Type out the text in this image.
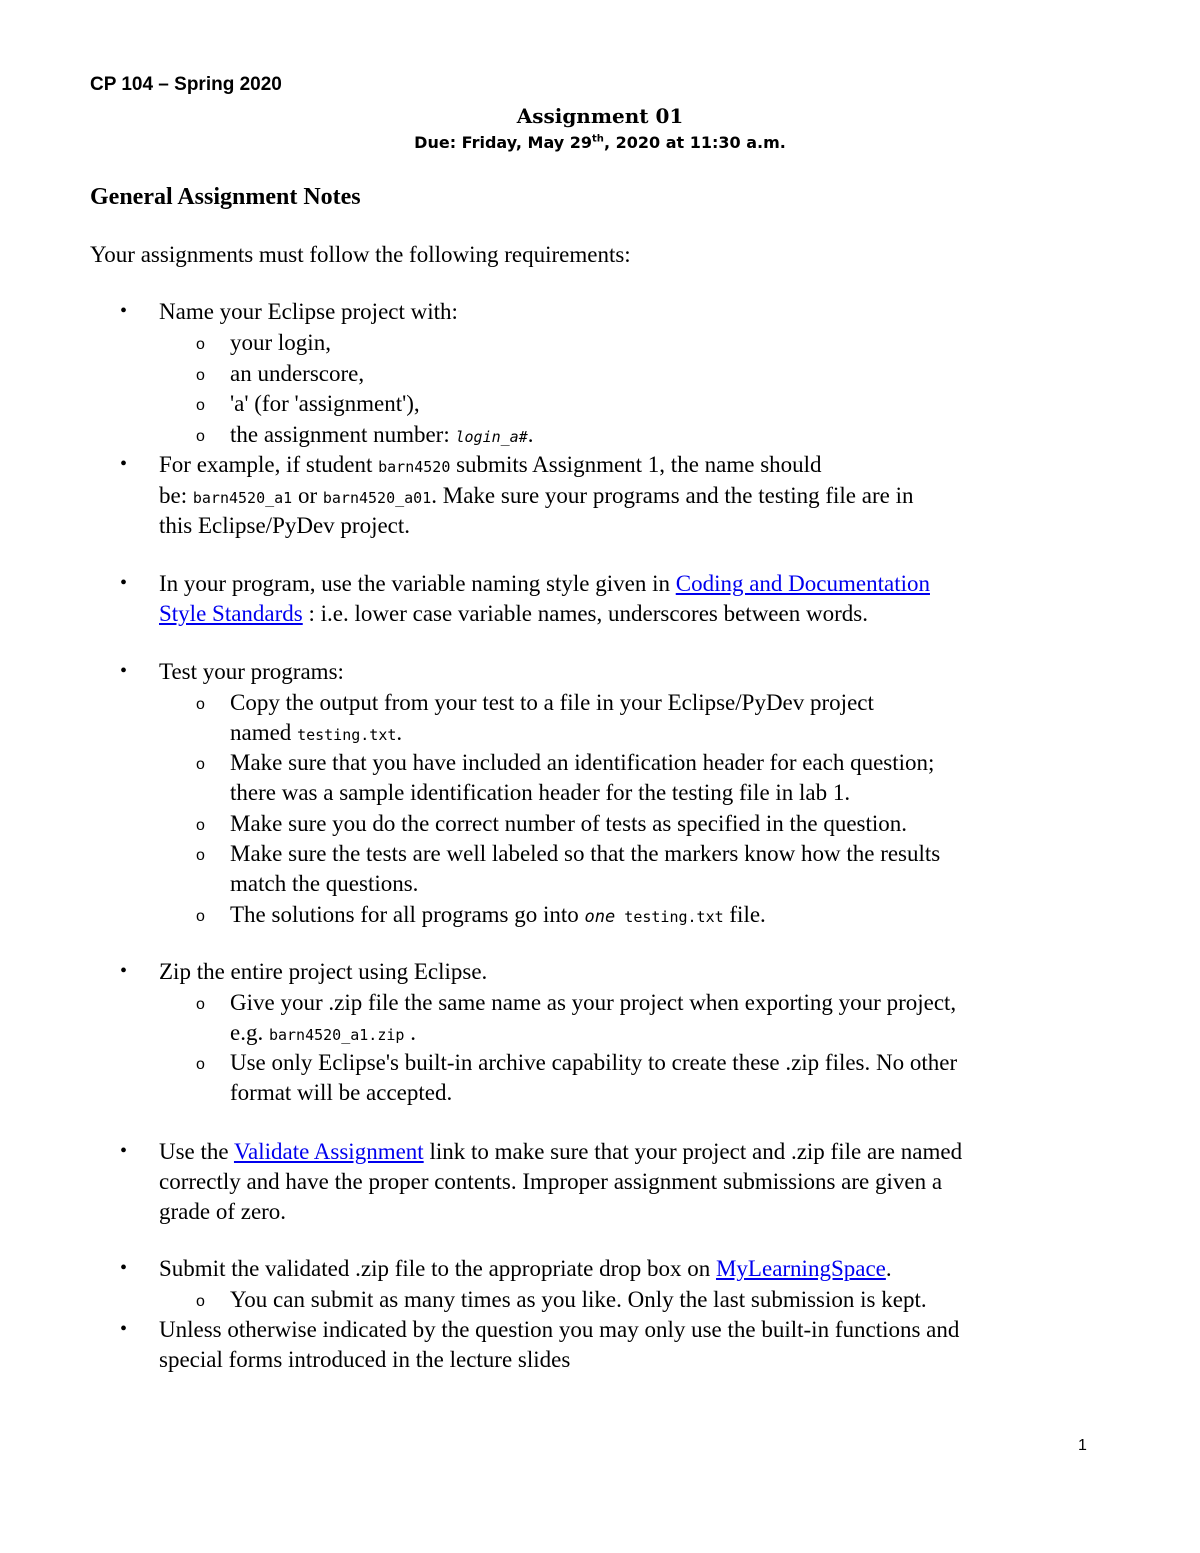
CP 104 – Spring 2020
Assignment 01
Due: Friday, May 29th, 2020 at 11:30 a.m.
General Assignment Notes
Your assignments must follow the following requirements:
• Name your Eclipse project with:
o your login,
o an underscore,
o 'a' (for 'assignment'),
o the assignment number: login_a#.
• For example, if student barn4520 submits Assignment 1, the name should
be: barn4520_a1 or barn4520_a01. Make sure your programs and the testing file are in
this Eclipse/PyDev project.
• In your program, use the variable naming style given in Coding and Documentation
Style Standards : i.e. lower case variable names, underscores between words.
• Test your programs:
o Copy the output from your test to a file in your Eclipse/PyDev project
named testing.txt.
o Make sure that you have included an identification header for each question;
there was a sample identification header for the testing file in lab 1.
o Make sure you do the correct number of tests as specified in the question.
o Make sure the tests are well labeled so that the markers know how the results
match the questions.
o The solutions for all programs go into one testing.txt file.
• Zip the entire project using Eclipse.
o Give your .zip file the same name as your project when exporting your project,
e.g. barn4520_a1.zip .
o Use only Eclipse's built-in archive capability to create these .zip files. No other
format will be accepted.
• Use the Validate Assignment link to make sure that your project and .zip file are named
correctly and have the proper contents. Improper assignment submissions are given a
grade of zero.
• Submit the validated .zip file to the appropriate drop box on MyLearningSpace.
o You can submit as many times as you like. Only the last submission is kept.
• Unless otherwise indicated by the question you may only use the built-in functions and
special forms introduced in the lecture slides
1
